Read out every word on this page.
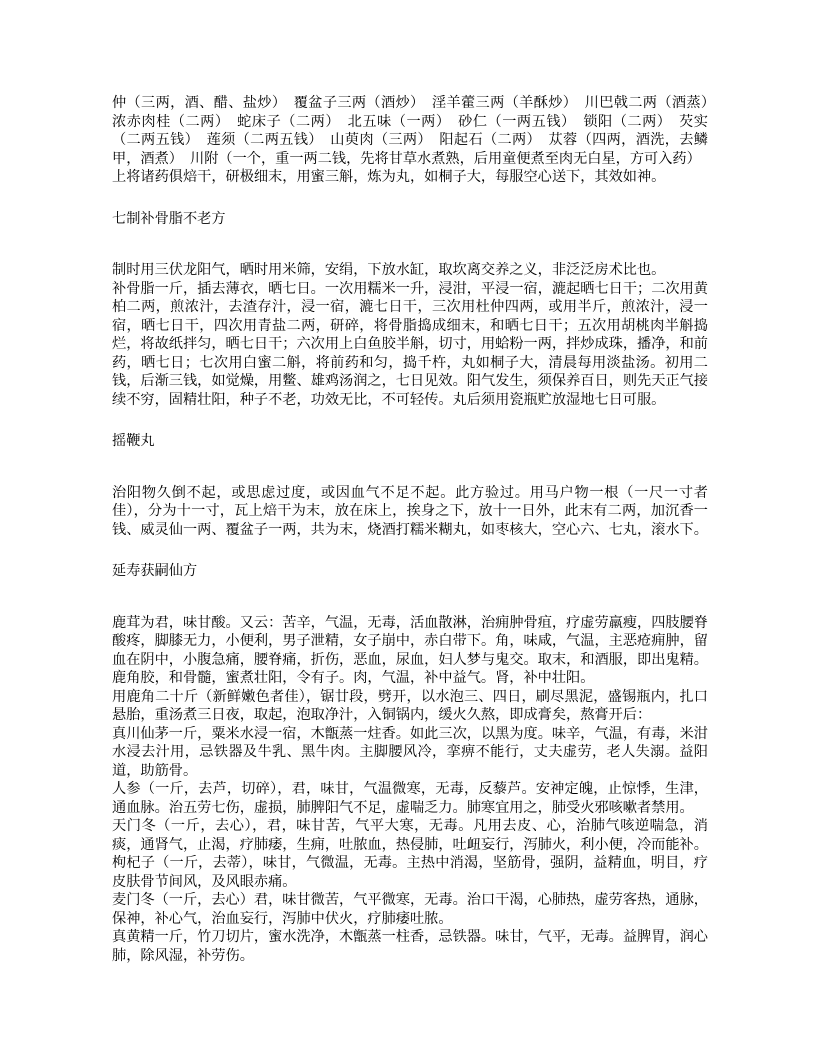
仲（三两，酒、醋、盐炒）　覆盆子三两（酒炒）　淫羊藿三两（羊酥炒）　川巴戟二两（酒蒸）　浓赤肉桂（二两）　蛇床子（二两）　北五味（一两）　砂仁（一两五钱）　锁阳（二两）　芡实（二两五钱）　莲须（二两五钱）　山萸肉（三两）　阳起石（二两）　苁蓉（四两，酒洗，去鳞甲，酒煮）　川附（一个，重一两二钱，先将甘草水煮熟，后用童便煮至肉无白星，方可入药）

上将诸药俱焙干，研极细末，用蜜三斛，炼为丸，如桐子大，每服空心送下，其效如神。

七制补骨脂不老方

制时用三伏龙阳气，晒时用米筛，安绢，下放水缸，取坎离交养之义，非泛泛房术比也。

补骨脂一斤，插去薄衣，晒七日。一次用糯米一升，浸泔，平浸一宿，漉起晒七日干；二次用黄柏二两，煎浓汁，去渣存汁，浸一宿，漉七日干，三次用杜仲四两，或用半斤，煎浓汁，浸一宿，晒七日干，四次用青盐二两，研碎，将骨脂捣成细末，和晒七日干；五次用胡桃肉半斛捣烂，将故纸拌匀，晒七日干；六次用上白鱼胶半斛，切寸，用蛤粉一两，拌炒成珠，播净，和前药，晒七日；七次用白蜜二斛，将前药和匀，捣千杵，丸如桐子大，清晨每用淡盐汤。初用二钱，后渐三钱，如觉燥，用鳖、雄鸡汤润之，七日见效。阳气发生，须保养百日，则先天正气接续不穷，固精壮阳，种子不老，功效无比，不可轻传。丸后须用瓷瓶贮放湿地七日可服。

摇鞭丸

治阳物久倒不起，或思虑过度，或因血气不足不起。此方验过。用马户物一根（一尺一寸者佳），分为十一寸，瓦上焙干为末，放在床上，挨身之下，放十一日外，此末有二两，加沉香一钱、威灵仙一两、覆盆子一两，共为末，烧酒打糯米糊丸，如枣核大，空心六、七丸，滚水下。

延寿获嗣仙方

鹿茸为君，味甘酸。又云：苦辛，气温，无毒，活血散淋，治痈肿骨疽，疗虚劳羸瘦，四肢腰脊酸疼，脚膝无力，小便利，男子泄精，女子崩中，赤白带下。角，味咸，气温，主恶疮痈肿，留血在阴中，小腹急痛，腰脊痛，折伤，恶血，尿血，妇人梦与鬼交。取末，和酒服，即出鬼精。鹿角胶，和骨髓，蜜煮壮阳，令有子。肉，气温，补中益气。肾，补中壮阳。

用鹿角二十斤（新鲜嫩色者佳），锯廿段，劈开，以水泡三、四日，刷尽黑泥，盛锡瓶内，扎口悬胎，重汤煮三日夜，取起，泡取净汁，入铜锅内，缓火久熬，即成膏矣，熬膏开后：

真川仙茅一斤，粟米水浸一宿，木甑蒸一炷香。如此三次，以黑为度。味辛，气温，有毒，米泔水浸去汁用，忌铁器及牛乳、黑牛肉。主脚腰风冷，挛痹不能行，丈夫虚劳，老人失溺。益阳道，助筋骨。

人参（一斤，去芦，切碎），君，味甘，气温微寒，无毒，反藜芦。安神定魄，止惊悸，生津，通血脉。治五劳七伤，虚损，肺脾阳气不足，虚喘乏力。肺寒宜用之，肺受火邪咳嗽者禁用。

天门冬（一斤，去心），君，味甘苦，气平大寒，无毒。凡用去皮、心，治肺气咳逆喘急，消痰，通肾气，止渴，疗肺痿，生痈，吐脓血，热侵肺，吐衄妄行，泻肺火，利小便，冷而能补。

枸杞子（一斤，去蒂），味甘，气微温，无毒。主热中消渴，坚筋骨，强阴，益精血，明目，疗皮肤骨节间风，及风眼赤痛。

麦门冬（一斤，去心）君，味甘微苦，气平微寒，无毒。治口干渴，心肺热，虚劳客热，通脉，保神，补心气，治血妄行，泻肺中伏火，疗肺痿吐脓。

真黄精一斤，竹刀切片，蜜水洗净，木甑蒸一柱香，忌铁器。味甘，气平，无毒。益脾胃，润心肺，除风湿，补劳伤。
